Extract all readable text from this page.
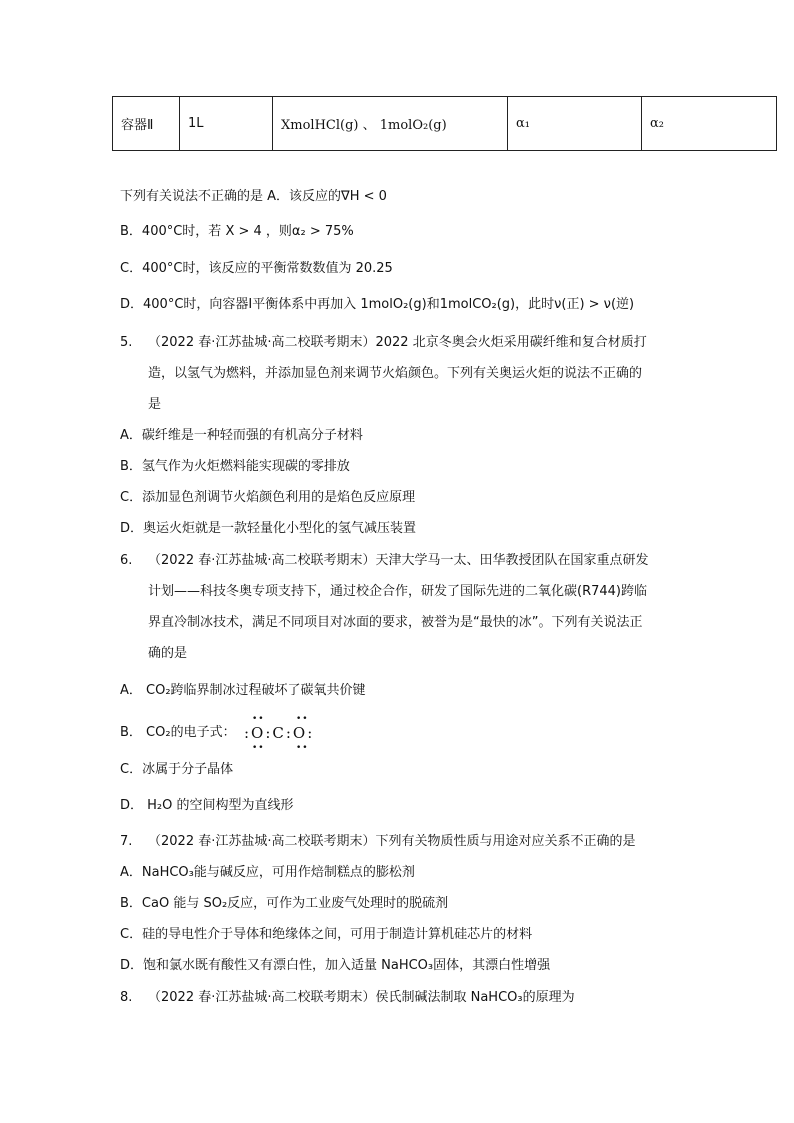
容器Ⅱ	1L	XmolHCl(g) 、 1molO₂(g)	α₁	α₂
下列有关说法不正确的是 A．该反应的∇H < 0
B．400°C时，若 X > 4 ，则α₂ > 75%
C．400°C时，该反应的平衡常数数值为 20.25
D．400°C时，向容器Ⅰ平衡体系中再加入 1molO₂(g)和1molCO₂(g)，此时ν(正) > ν(逆)
5. （2022 春·江苏盐城·高二校联考期末）2022 北京冬奥会火炬采用碳纤维和复合材质打
造，以氢气为燃料，并添加显色剂来调节火焰颜色。下列有关奥运火炬的说法不正确的
是
A．碳纤维是一种轻而强的有机高分子材料
B．氢气作为火炬燃料能实现碳的零排放
C．添加显色剂调节火焰颜色利用的是焰色反应原理
D．奥运火炬就是一款轻量化小型化的氢气减压装置
6. （2022 春·江苏盐城·高二校联考期末）天津大学马一太、田华教授团队在国家重点研发
计划——科技冬奥专项支持下，通过校企合作，研发了国际先进的二氧化碳(R744)跨临
界直冷制冰技术，满足不同项目对冰面的要求，被誉为是“最快的冰”。下列有关说法正
确的是
A． CO₂跨临界制冰过程破坏了碳氧共价键
B． CO₂的电子式： :O:C:O:
••	••
••	••
C．冰属于分子晶体
D． H₂O 的空间构型为直线形
7. （2022 春·江苏盐城·高二校联考期末）下列有关物质性质与用途对应关系不正确的是
A．NaHCO₃能与碱反应，可用作焙制糕点的膨松剂
B．CaO 能与 SO₂反应，可作为工业废气处理时的脱硫剂
C．硅的导电性介于导体和绝缘体之间，可用于制造计算机硅芯片的材料
D．饱和氯水既有酸性又有漂白性，加入适量 NaHCO₃固体，其漂白性增强
8. （2022 春·江苏盐城·高二校联考期末）侯氏制碱法制取 NaHCO₃的原理为
